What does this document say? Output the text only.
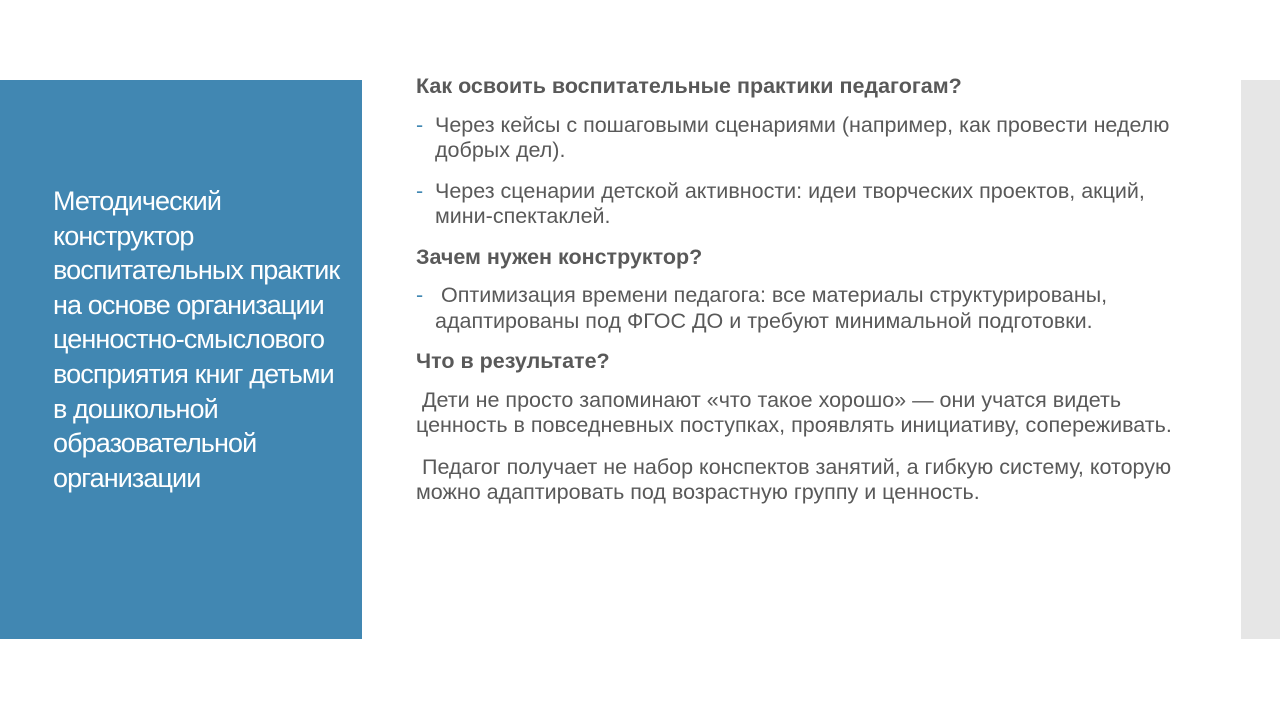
Методический конструктор воспитательных практик на основе организации ценностно-смыслового восприятия книг детьми в дошкольной образовательной организации
Как освоить воспитательные практики педагогам?
- Через кейсы с пошаговыми сценариями (например, как провести неделю добрых дел).
- Через сценарии детской активности: идеи творческих проектов, акций, мини-спектаклей.
Зачем нужен конструктор?
- Оптимизация времени педагога: все материалы структурированы, адаптированы под ФГОС ДО и требуют минимальной подготовки.
Что в результате?
Дети не просто запоминают «что такое хорошо» — они учатся видеть ценность в повседневных поступках, проявлять инициативу, сопереживать.
Педагог получает не набор конспектов занятий, а гибкую систему, которую можно адаптировать под возрастную группу и ценность.
